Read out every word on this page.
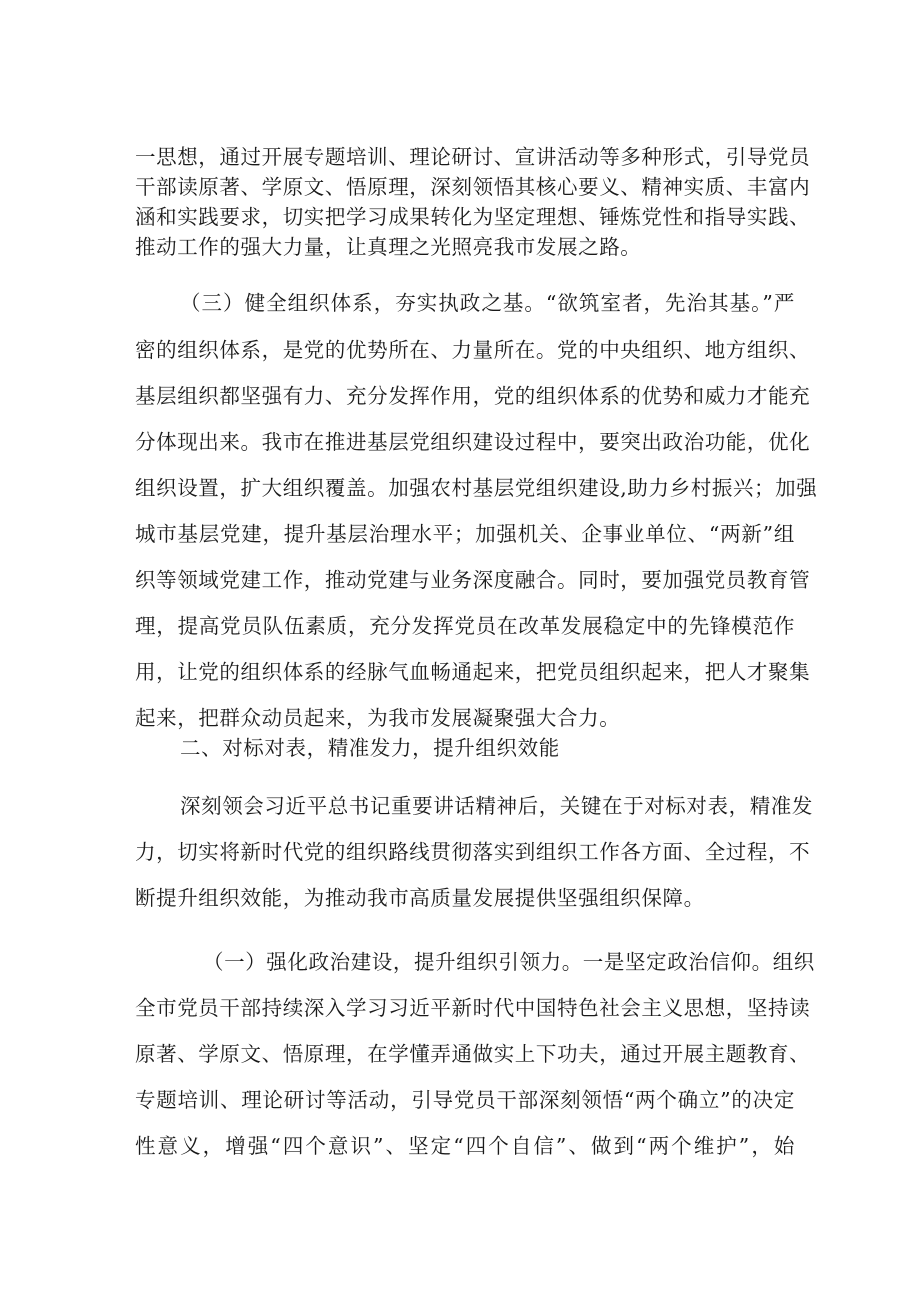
一思想，通过开展专题培训、理论研讨、宣讲活动等多种形式，引导党员
干部读原著、学原文、悟原理，深刻领悟其核心要义、精神实质、丰富内
涵和实践要求，切实把学习成果转化为坚定理想、锤炼党性和指导实践、
推动工作的强大力量，让真理之光照亮我市发展之路。
（三）健全组织体系，夯实执政之基。“欲筑室者，先治其基。”严
密的组织体系，是党的优势所在、力量所在。党的中央组织、地方组织、
基层组织都坚强有力、充分发挥作用，党的组织体系的优势和威力才能充
分体现出来。我市在推进基层党组织建设过程中，要突出政治功能，优化
组织设置，扩大组织覆盖。加强农村基层党组织建设,助力乡村振兴；加强
城市基层党建，提升基层治理水平；加强机关、企事业单位、“两新”组
织等领域党建工作，推动党建与业务深度融合。同时，要加强党员教育管
理，提高党员队伍素质，充分发挥党员在改革发展稳定中的先锋模范作
用，让党的组织体系的经脉气血畅通起来，把党员组织起来，把人才聚集
起来，把群众动员起来，为我市发展凝聚强大合力。
二、对标对表，精准发力，提升组织效能
深刻领会习近平总书记重要讲话精神后，关键在于对标对表，精准发
力，切实将新时代党的组织路线贯彻落实到组织工作各方面、全过程，不
断提升组织效能，为推动我市高质量发展提供坚强组织保障。
（一）强化政治建设，提升组织引领力。一是坚定政治信仰。组织
全市党员干部持续深入学习习近平新时代中国特色社会主义思想，坚持读
原著、学原文、悟原理，在学懂弄通做实上下功夫，通过开展主题教育、
专题培训、理论研讨等活动，引导党员干部深刻领悟“两个确立”的决定
性意义，增强“四个意识”、坚定“四个自信”、做到“两个维护”，始
